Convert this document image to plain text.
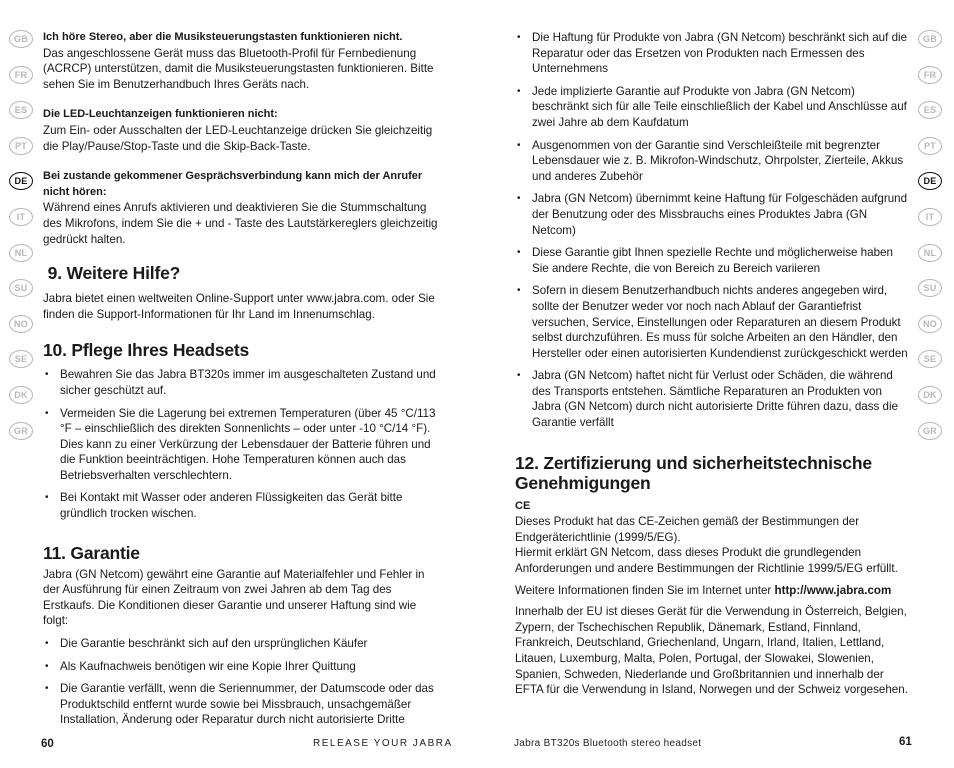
GB
FR
ES
PT
DE
IT
NL
SU
NO
SE
DK
GR

Ich höre Stereo, aber die Musiksteuerungstasten funktionieren nicht.

Das angeschlossene Gerät muss das Bluetooth-Profil für Fernbedienung (ACRCP) unterstützen, damit die Musiksteuerungstasten funktionieren. Bitte sehen Sie im Benutzerhandbuch Ihres Geräts nach.

Die LED-Leuchtanzeigen funktionieren nicht:

Zum Ein- oder Ausschalten der LED-Leuchtanzeige drücken Sie gleichzeitig die Play/Pause/Stop-Taste und die Skip-Back-Taste.

Bei zustande gekommener Gesprächsverbindung kann mich der Anrufer nicht hören:

Während eines Anrufs aktivieren und deaktivieren Sie die Stummschaltung des Mikrofons, indem Sie die + und - Taste des Lautstärkereglers gleichzeitig gedrückt halten.

9. Weitere Hilfe?

Jabra bietet einen weltweiten Online-Support unter www.jabra.com. oder Sie finden die Support-Informationen für Ihr Land im Innenumschlag.

10. Pflege Ihres Headsets
• Bewahren Sie das Jabra BT320s immer im ausgeschalteten Zustand und sicher geschützt auf.
• Vermeiden Sie die Lagerung bei extremen Temperaturen (über 45 °C/113 °F – einschließlich des direkten Sonnenlichts – oder unter -10 °C/14 °F). Dies kann zu einer Verkürzung der Lebensdauer der Batterie führen und die Funktion beeinträchtigen. Hohe Temperaturen können auch das Betriebsverhalten verschlechtern.
• Bei Kontakt mit Wasser oder anderen Flüssigkeiten das Gerät bitte gründlich trocken wischen.
11. Garantie

Jabra (GN Netcom) gewährt eine Garantie auf Materialfehler und Fehler in der Ausführung für einen Zeitraum von zwei Jahren ab dem Tag des Erstkaufs. Die Konditionen dieser Garantie und unserer Haftung sind wie folgt:

• Die Garantie beschränkt sich auf den ursprünglichen Käufer
• Als Kaufnachweis benötigen wir eine Kopie Ihrer Quittung
• Die Garantie verfällt, wenn die Seriennummer, der Datumscode oder das Produktschild entfernt wurde sowie bei Missbrauch, unsachgemäßer Installation, Änderung oder Reparatur durch nicht autorisierte Dritte
60	RELEASE YOUR JABRA
• Die Haftung für Produkte von Jabra (GN Netcom) beschränkt sich auf die Reparatur oder das Ersetzen von Produkten nach Ermessen des Unternehmens
• Jede implizierte Garantie auf Produkte von Jabra (GN Netcom) beschränkt sich für alle Teile einschließlich der Kabel und Anschlüsse auf zwei Jahre ab dem Kaufdatum
• Ausgenommen von der Garantie sind Verschleißteile mit begrenzter Lebensdauer wie z. B. Mikrofon-Windschutz, Ohrpolster, Zierteile, Akkus und anderes Zubehör
• Jabra (GN Netcom) übernimmt keine Haftung für Folgeschäden aufgrund der Benutzung oder des Missbrauchs eines Produktes Jabra (GN Netcom)
• Diese Garantie gibt Ihnen spezielle Rechte und möglicherweise haben Sie andere Rechte, die von Bereich zu Bereich variieren
• Sofern in diesem Benutzerhandbuch nichts anderes angegeben wird, sollte der Benutzer weder vor noch nach Ablauf der Garantiefrist versuchen, Service, Einstellungen oder Reparaturen an diesem Produkt selbst durchzuführen. Es muss für solche Arbeiten an den Händler, den Hersteller oder einen autorisierten Kundendienst zurückgeschickt werden
• Jabra (GN Netcom) haftet nicht für Verlust oder Schäden, die während des Transports entstehen. Sämtliche Reparaturen an Produkten von Jabra (GN Netcom) durch nicht autorisierte Dritte führen dazu, dass die Garantie verfällt
12. Zertifizierung und sicherheitstechnische Genehmigungen

CE

Dieses Produkt hat das CE-Zeichen gemäß der Bestimmungen der Endgeräterichtlinie (1999/5/EG).

Hiermit erklärt GN Netcom, dass dieses Produkt die grundlegenden Anforderungen und andere Bestimmungen der Richtlinie 1999/5/EG erfüllt.

Weitere Informationen finden Sie im Internet unter http://www.jabra.com

Innerhalb der EU ist dieses Gerät für die Verwendung in Österreich, Belgien, Zypern, der Tschechischen Republik, Dänemark, Estland, Finnland, Frankreich, Deutschland, Griechenland, Ungarn, Irland, Italien, Lettland, Litauen, Luxemburg, Malta, Polen, Portugal, der Slowakei, Slowenien, Spanien, Schweden, Niederlande und Großbritannien und innerhalb der EFTA für die Verwendung in Island, Norwegen und der Schweiz vorgesehen.

GB
FR
ES
PT
DE
IT
NL
SU
NO
SE
DK
GR
Jabra BT320s Bluetooth stereo headset	61
